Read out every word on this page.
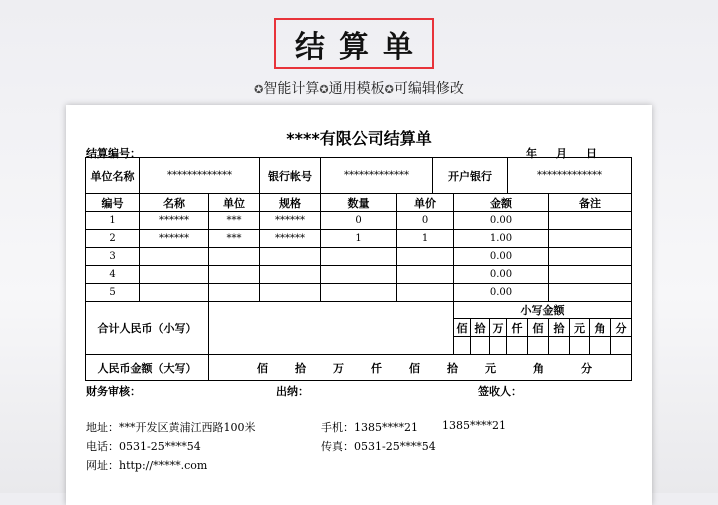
结算单
✪智能计算✪通用模板✪可编辑修改
****有限公司结算单
结算编号：	年 月 日
单位名称	*************	银行帐号	*************	开户银行	*************
编号	名称	单位	规格	数量	单价	金额	备注
1	******	***	******	0	0	0.00	
2	******	***	******	1	1	1.00	
3						0.00	
4						0.00	
5						0.00	
合计人民币（小写）		小写金额								
		佰	拾	万	仟	佰	拾	元	角	分

人民币金额（大写）	佰 拾 万 仟 佰 拾 元 角 分									
财务审核：	出纳：	签收人：
地址：***开发区黄浦江西路100米	手机：1385****21 1385****21
电话：0531-25****54	传真：0531-25****54
网址：http://*****.com
